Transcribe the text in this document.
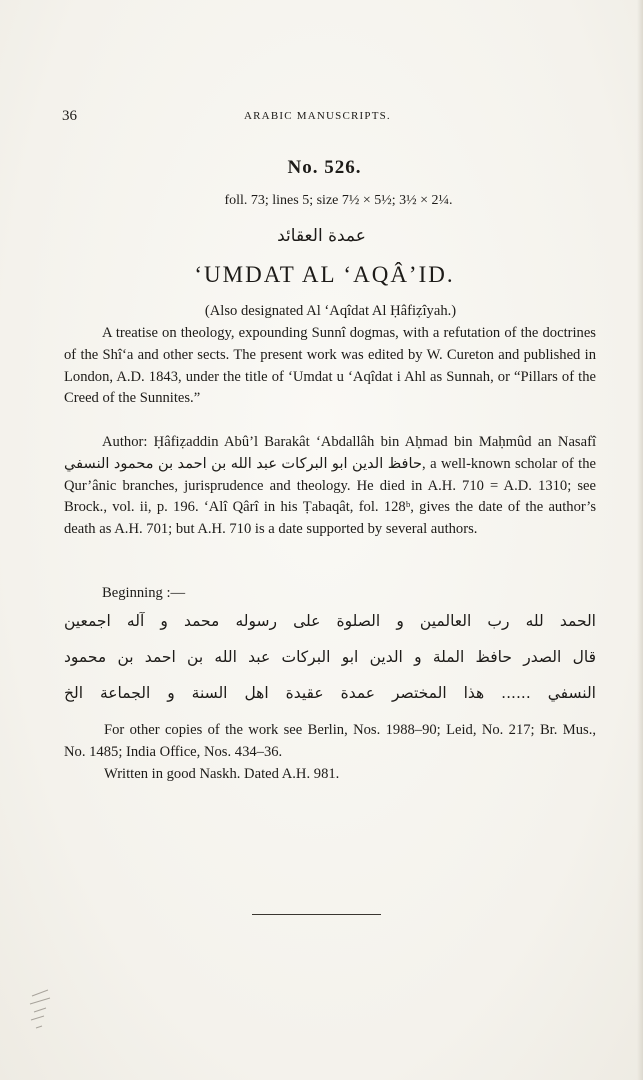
36	ARABIC MANUSCRIPTS.
No. 526.
foll. 73; lines 5; size 7½ × 5½; 3½ × 2¼.
عمدة العقائد
‘UMDAT AL ‘AQÂ’ID.
(Also designated Al ‘Aqîdat Al Ḥâfiẓîyah.)
A treatise on theology, expounding Sunnî dogmas, with a refutation of the doctrines of the Shî‘a and other sects. The present work was edited by W. Cureton and published in London, A.D. 1843, under the title of ‘Umdat u ‘Aqîdat i Ahl as Sunnah, or “Pillars of the Creed of the Sunnites.”
Author: Ḥâfiẓaddin Abû’l Barakât ‘Abdallâh bin Aḥmad bin Maḥmûd an Nasafî حافظ الدين ابو البركات عبد الله بن احمد بن محمود النسفي, a well-known scholar of the Qur’ânic branches, jurisprudence and theology. He died in A.H. 710 = A.D. 1310; see Brock., vol. ii, p. 196. ‘Alî Qârî in his Ṭabaqât, fol. 128ᵇ, gives the date of the author’s death as A.H. 701; but A.H. 710 is a date supported by several authors.
Beginning :—
الحمد لله رب العالمين و الصلوة على رسوله محمد و آله اجمعين
قال الصدر حافظ الملة و الدين ابو البركات عبد الله بن احمد بن محمود
النسفي ...... هذا المختصر عمدة عقيدة اهل السنة و الجماعة الخ
For other copies of the work see Berlin, Nos. 1988–90; Leid, No. 217; Br. Mus., No. 1485; India Office, Nos. 434–36.
Written in good Naskh. Dated A.H. 981.
